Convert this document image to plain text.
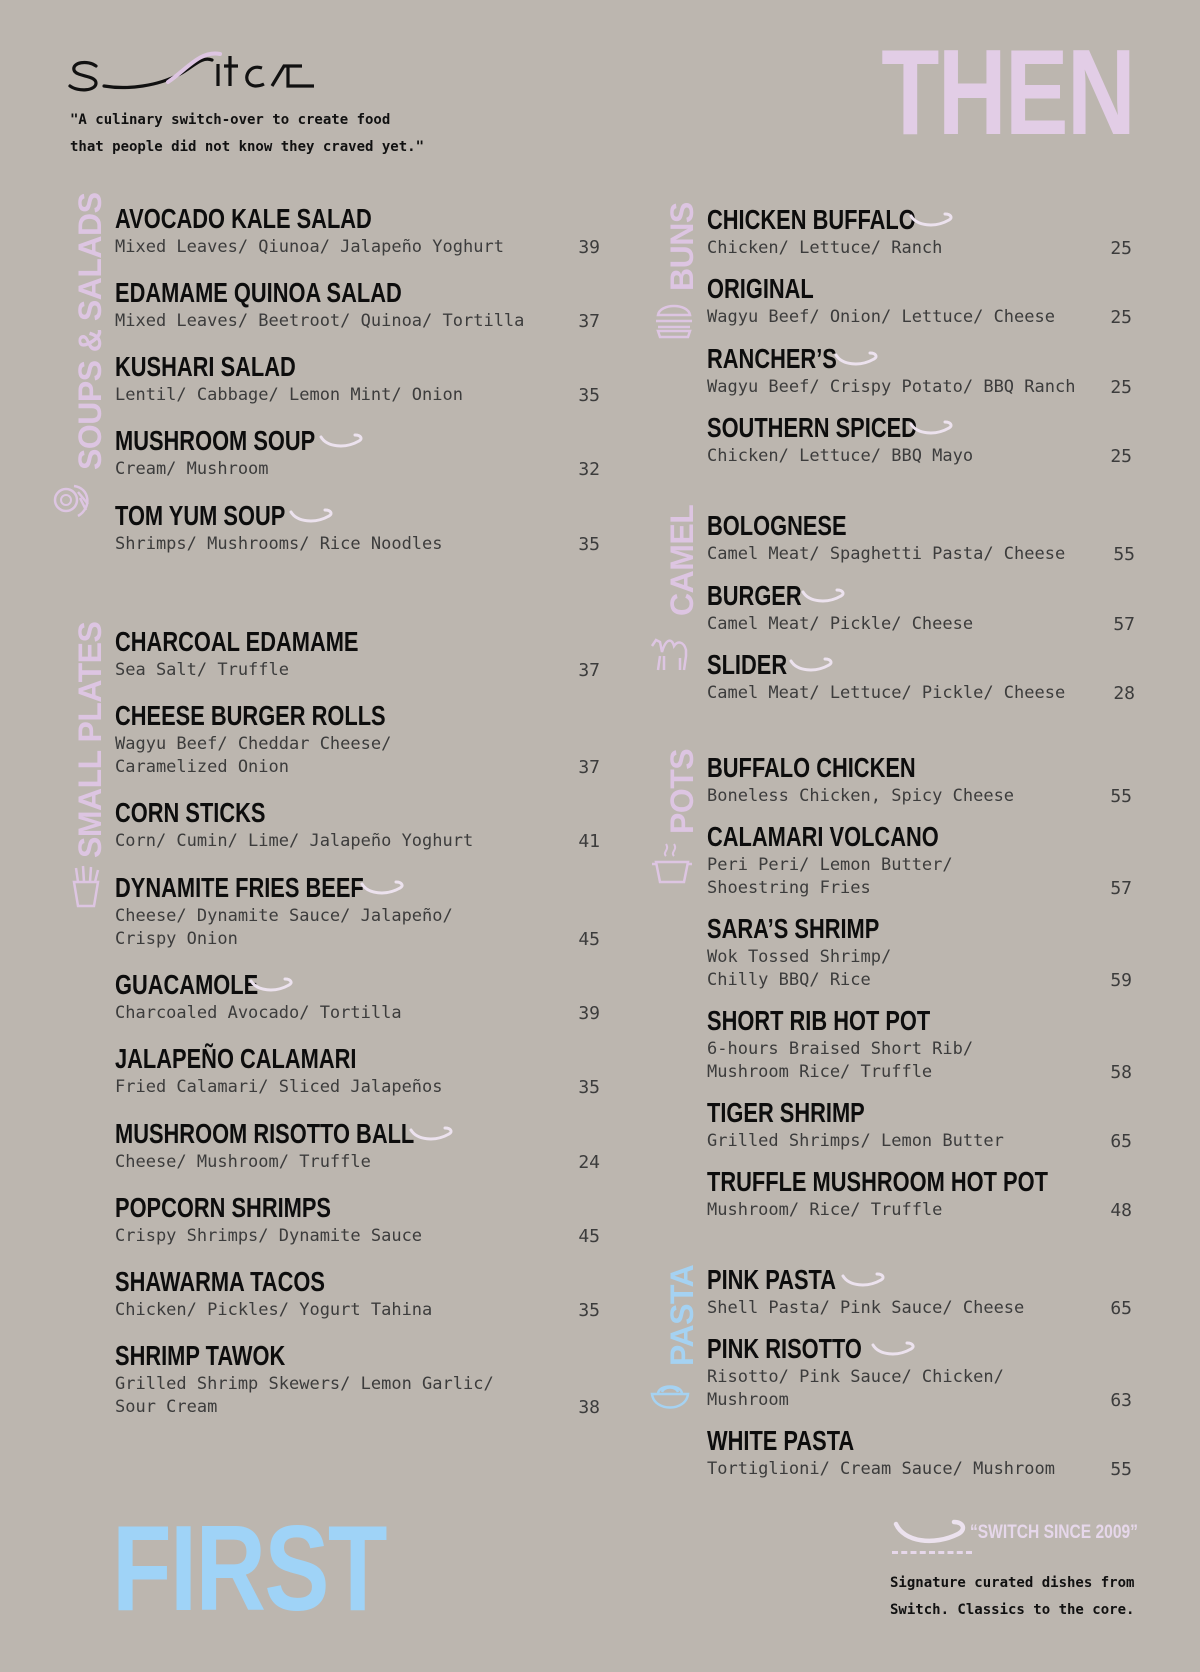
"A culinary switch-over to create food
that people did not know they craved yet."	THEN
FIRST
SOUPS & SALADS
SMALL PLATES
BUNS
CAMEL
POTS
PASTA
AVOCADO KALE SALAD
Mixed Leaves/ Qiunoa/ Jalapeño Yoghurt	39
EDAMAME QUINOA SALAD
Mixed Leaves/ Beetroot/ Quinoa/ Tortilla	37
KUSHARI SALAD
Lentil/ Cabbage/ Lemon Mint/ Onion	35
MUSHROOM SOUP
Cream/ Mushroom	32
TOM YUM SOUP
Shrimps/ Mushrooms/ Rice Noodles	35
CHARCOAL EDAMAME
Sea Salt/ Truffle	37
CHEESE BURGER ROLLS
Wagyu Beef/ Cheddar Cheese/
Caramelized Onion	37
CORN STICKS
Corn/ Cumin/ Lime/ Jalapeño Yoghurt	41
DYNAMITE FRIES BEEF
Cheese/ Dynamite Sauce/ Jalapeño/
Crispy Onion	45
GUACAMOLE
Charcoaled Avocado/ Tortilla	39
JALAPEÑO CALAMARI
Fried Calamari/ Sliced Jalapeños	35
MUSHROOM RISOTTO BALL
Cheese/ Mushroom/ Truffle	24
POPCORN SHRIMPS
Crispy Shrimps/ Dynamite Sauce	45
SHAWARMA TACOS
Chicken/ Pickles/ Yogurt Tahina	35
SHRIMP TAWOK
Grilled Shrimp Skewers/ Lemon Garlic/
Sour Cream	38
CHICKEN BUFFALO
Chicken/ Lettuce/ Ranch	25
ORIGINAL
Wagyu Beef/ Onion/ Lettuce/ Cheese	25
RANCHER’S
Wagyu Beef/ Crispy Potato/ BBQ Ranch	25
SOUTHERN SPICED
Chicken/ Lettuce/ BBQ Mayo	25
BOLOGNESE
Camel Meat/ Spaghetti Pasta/ Cheese	55
BURGER
Camel Meat/ Pickle/ Cheese	57
SLIDER
Camel Meat/ Lettuce/ Pickle/ Cheese	28
BUFFALO CHICKEN
Boneless Chicken, Spicy Cheese	55
CALAMARI VOLCANO
Peri Peri/ Lemon Butter/
Shoestring Fries	57
SARA’S SHRIMP
Wok Tossed Shrimp/
Chilly BBQ/ Rice	59
SHORT RIB HOT POT
6-hours Braised Short Rib/
Mushroom Rice/ Truffle	58
TIGER SHRIMP
Grilled Shrimps/ Lemon Butter	65
TRUFFLE MUSHROOM HOT POT
Mushroom/ Rice/ Truffle	48
PINK PASTA
Shell Pasta/ Pink Sauce/ Cheese	65
PINK RISOTTO
Risotto/ Pink Sauce/ Chicken/
Mushroom	63
WHITE PASTA
Tortiglioni/ Cream Sauce/ Mushroom	55
“SWITCH SINCE 2009”
Signature curated dishes from
Switch. Classics to the core.
